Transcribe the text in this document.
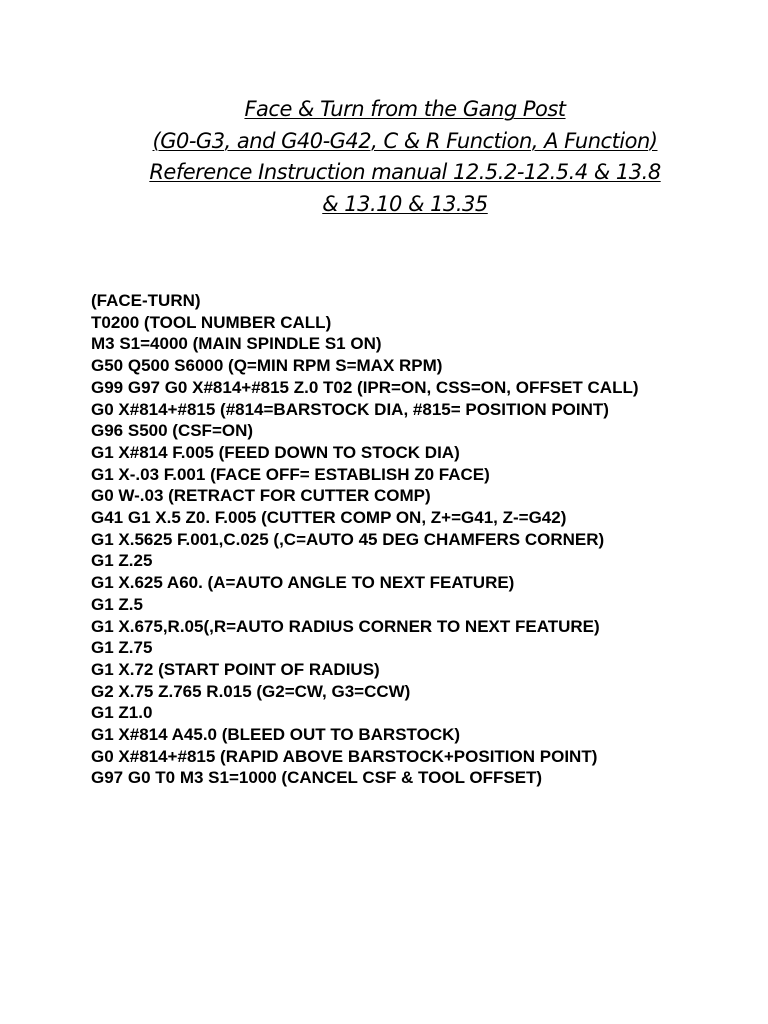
Face & Turn from the Gang Post
(G0-G3, and G40-G42, C & R Function, A Function)
Reference Instruction manual 12.5.2-12.5.4 & 13.8
& 13.10 & 13.35
(FACE-TURN)
T0200 (TOOL NUMBER CALL)
M3 S1=4000 (MAIN SPINDLE S1 ON)
G50 Q500 S6000 (Q=MIN RPM S=MAX RPM)
G99 G97 G0 X#814+#815 Z.0 T02 (IPR=ON, CSS=ON, OFFSET CALL)
G0 X#814+#815 (#814=BARSTOCK DIA, #815= POSITION POINT)
G96 S500 (CSF=ON)
G1 X#814 F.005 (FEED DOWN TO STOCK DIA)
G1 X-.03 F.001 (FACE OFF= ESTABLISH Z0 FACE)
G0 W-.03 (RETRACT FOR CUTTER COMP)
G41 G1 X.5 Z0. F.005 (CUTTER COMP ON, Z+=G41, Z-=G42)
G1 X.5625 F.001,C.025 (,C=AUTO 45 DEG CHAMFERS CORNER)
G1 Z.25
G1 X.625 A60. (A=AUTO ANGLE TO NEXT FEATURE)
G1 Z.5
G1 X.675,R.05(,R=AUTO RADIUS CORNER TO NEXT FEATURE)
G1 Z.75
G1 X.72 (START POINT OF RADIUS)
G2 X.75 Z.765 R.015 (G2=CW, G3=CCW)
G1 Z1.0
G1 X#814 A45.0 (BLEED OUT TO BARSTOCK)
G0 X#814+#815 (RAPID ABOVE BARSTOCK+POSITION POINT)
G97 G0 T0 M3 S1=1000 (CANCEL CSF & TOOL OFFSET)
